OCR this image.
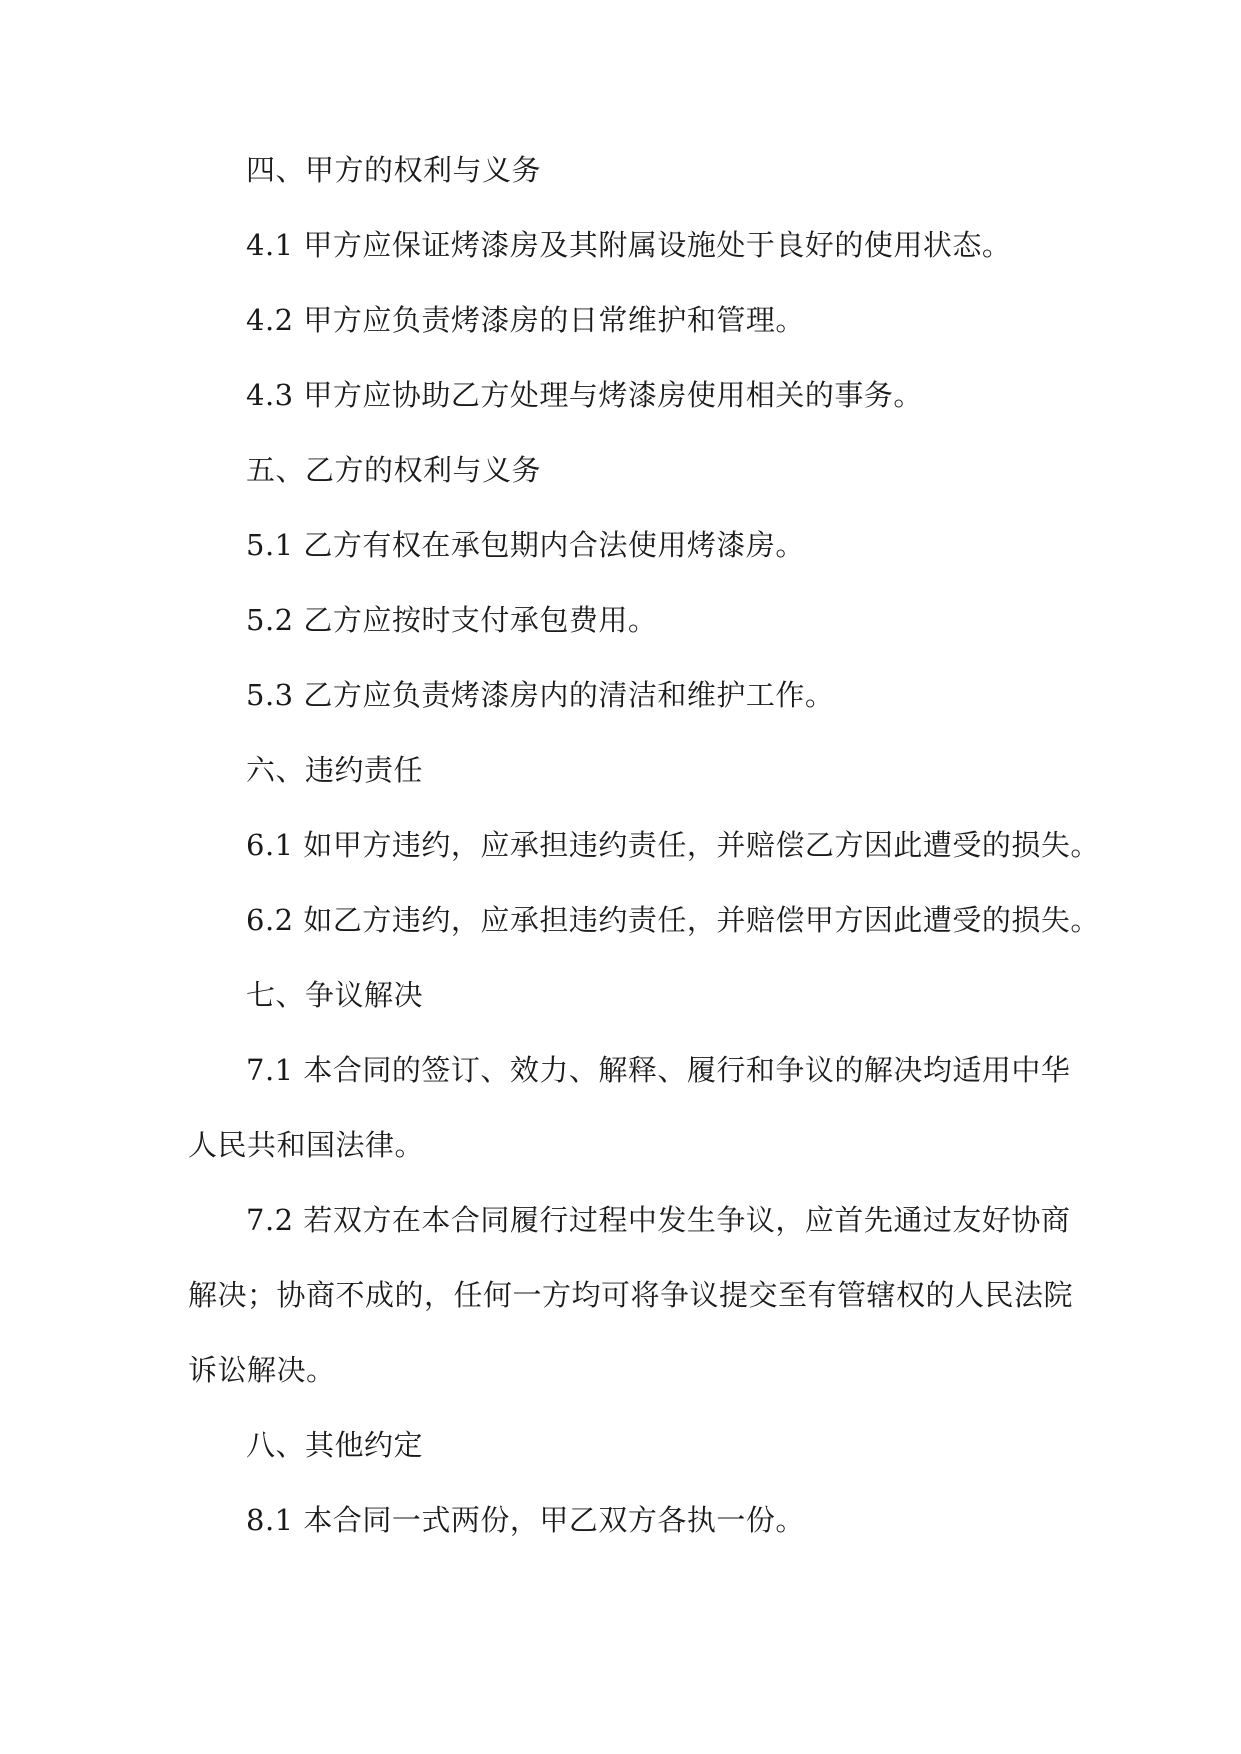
四、甲方的权利与义务
4.1 甲方应保证烤漆房及其附属设施处于良好的使用状态。
4.2 甲方应负责烤漆房的日常维护和管理。
4.3 甲方应协助乙方处理与烤漆房使用相关的事务。
五、乙方的权利与义务
5.1 乙方有权在承包期内合法使用烤漆房。
5.2 乙方应按时支付承包费用。
5.3 乙方应负责烤漆房内的清洁和维护工作。
六、违约责任
6.1 如甲方违约，应承担违约责任，并赔偿乙方因此遭受的损失。
6.2 如乙方违约，应承担违约责任，并赔偿甲方因此遭受的损失。
七、争议解决
7.1 本合同的签订、效力、解释、履行和争议的解决均适用中华
人民共和国法律。
7.2 若双方在本合同履行过程中发生争议，应首先通过友好协商
解决；协商不成的，任何一方均可将争议提交至有管辖权的人民法院
诉讼解决。
八、其他约定
8.1 本合同一式两份，甲乙双方各执一份。
